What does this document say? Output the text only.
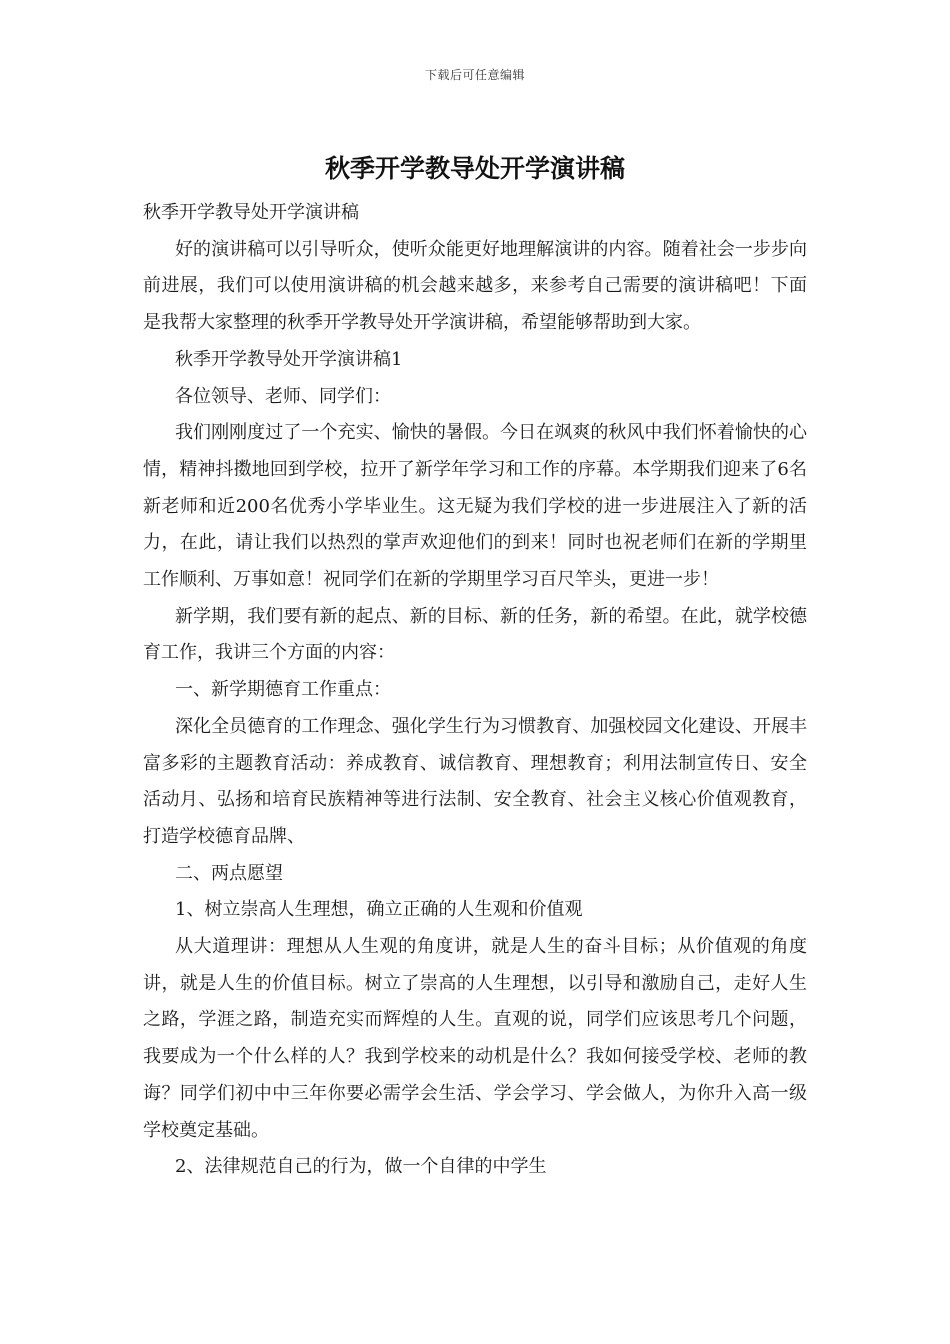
下载后可任意编辑
秋季开学教导处开学演讲稿

秋季开学教导处开学演讲稿

好的演讲稿可以引导听众，使听众能更好地理解演讲的内容。随着社会一步步向前进展，我们可以使用演讲稿的机会越来越多，来参考自己需要的演讲稿吧！下面是我帮大家整理的秋季开学教导处开学演讲稿，希望能够帮助到大家。

秋季开学教导处开学演讲稿1

各位领导、老师、同学们：

我们刚刚度过了一个充实、愉快的暑假。今日在飒爽的秋风中我们怀着愉快的心情，精神抖擞地回到学校，拉开了新学年学习和工作的序幕。本学期我们迎来了6名新老师和近200名优秀小学毕业生。这无疑为我们学校的进一步进展注入了新的活力，在此，请让我们以热烈的掌声欢迎他们的到来！同时也祝老师们在新的学期里工作顺利、万事如意！祝同学们在新的学期里学习百尺竿头，更进一步！

新学期，我们要有新的起点、新的目标、新的任务，新的希望。在此，就学校德育工作，我讲三个方面的内容：

一、新学期德育工作重点：

深化全员德育的工作理念、强化学生行为习惯教育、加强校园文化建设、开展丰富多彩的主题教育活动：养成教育、诚信教育、理想教育；利用法制宣传日、安全活动月、弘扬和培育民族精神等进行法制、安全教育、社会主义核心价值观教育，打造学校德育品牌、

二、两点愿望

1、树立崇高人生理想，确立正确的人生观和价值观

从大道理讲：理想从人生观的角度讲，就是人生的奋斗目标；从价值观的角度讲，就是人生的价值目标。树立了崇高的人生理想，以引导和激励自己，走好人生之路，学涯之路，制造充实而辉煌的人生。直观的说，同学们应该思考几个问题，我要成为一个什么样的人？我到学校来的动机是什么？我如何接受学校、老师的教诲？同学们初中中三年你要必需学会生活、学会学习、学会做人，为你升入高一级学校奠定基础。

2、法律规范自己的行为，做一个自律的中学生
